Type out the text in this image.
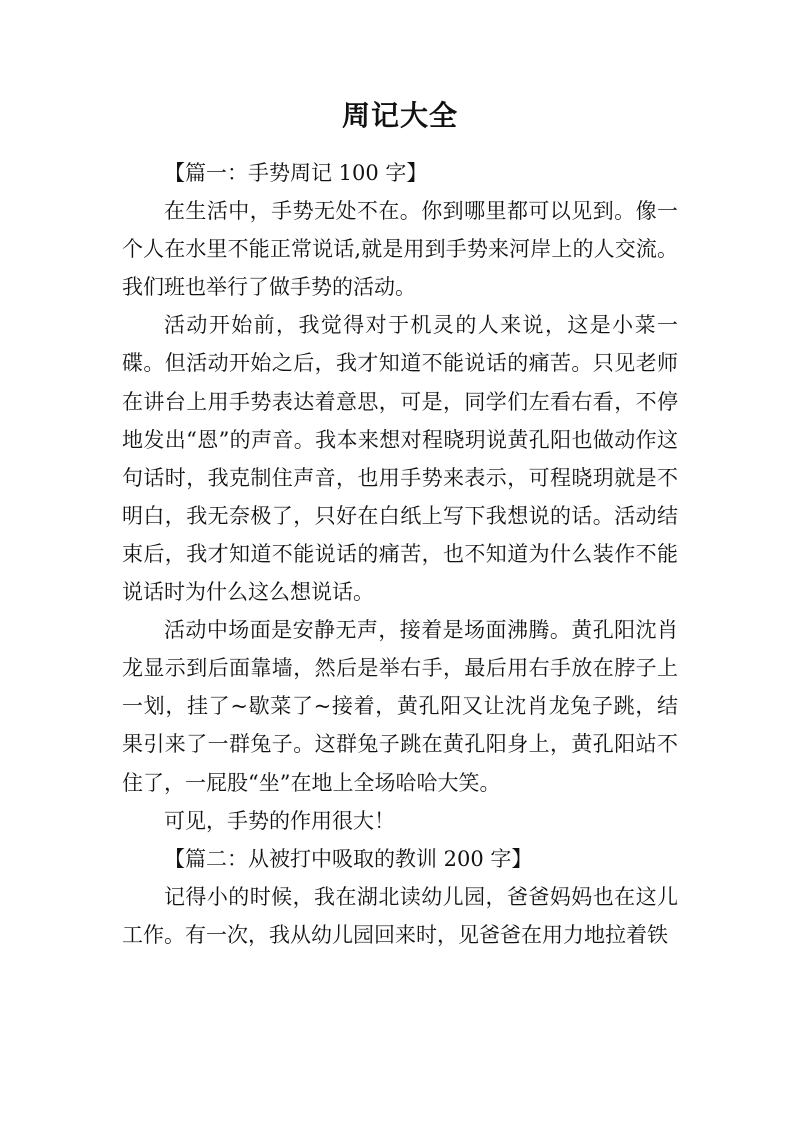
周记大全

【篇一：手势周记 100 字】

在生活中，手势无处不在。你到哪里都可以见到。像一个人在水里不能正常说话,就是用到手势来河岸上的人交流。我们班也举行了做手势的活动。

活动开始前，我觉得对于机灵的人来说，这是小菜一碟。但活动开始之后，我才知道不能说话的痛苦。只见老师在讲台上用手势表达着意思，可是，同学们左看右看，不停地发出“恩”的声音。我本来想对程晓玥说黄孔阳也做动作这句话时，我克制住声音，也用手势来表示，可程晓玥就是不明白，我无奈极了，只好在白纸上写下我想说的话。活动结束后，我才知道不能说话的痛苦，也不知道为什么装作不能说话时为什么这么想说话。

活动中场面是安静无声，接着是场面沸腾。黄孔阳沈肖龙显示到后面靠墙，然后是举右手，最后用右手放在脖子上一划，挂了~歇菜了~接着，黄孔阳又让沈肖龙兔子跳，结果引来了一群兔子。这群兔子跳在黄孔阳身上，黄孔阳站不住了，一屁股“坐”在地上全场哈哈大笑。

可见，手势的作用很大！

【篇二：从被打中吸取的教训 200 字】

记得小的时候，我在湖北读幼儿园，爸爸妈妈也在这儿工作。有一次，我从幼儿园回来时，见爸爸在用力地拉着铁
